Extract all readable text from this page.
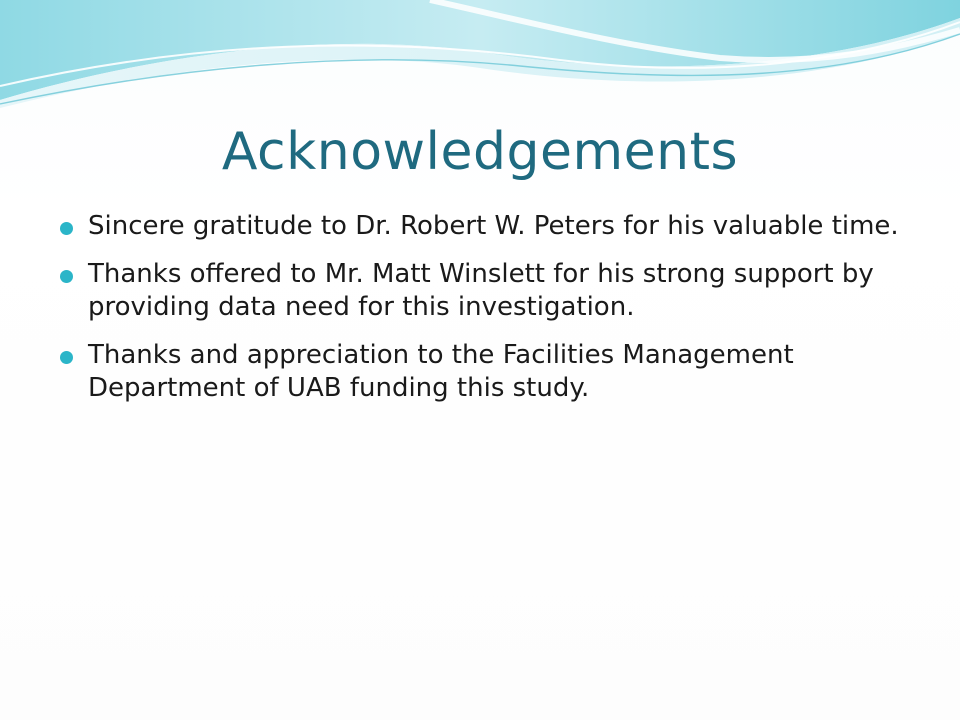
Acknowledgements
Sincere gratitude to Dr. Robert W. Peters for his valuable time.
Thanks offered to Mr. Matt Winslett for his strong support by providing data need for this investigation.
Thanks and appreciation to the Facilities Management Department of UAB funding this study.
